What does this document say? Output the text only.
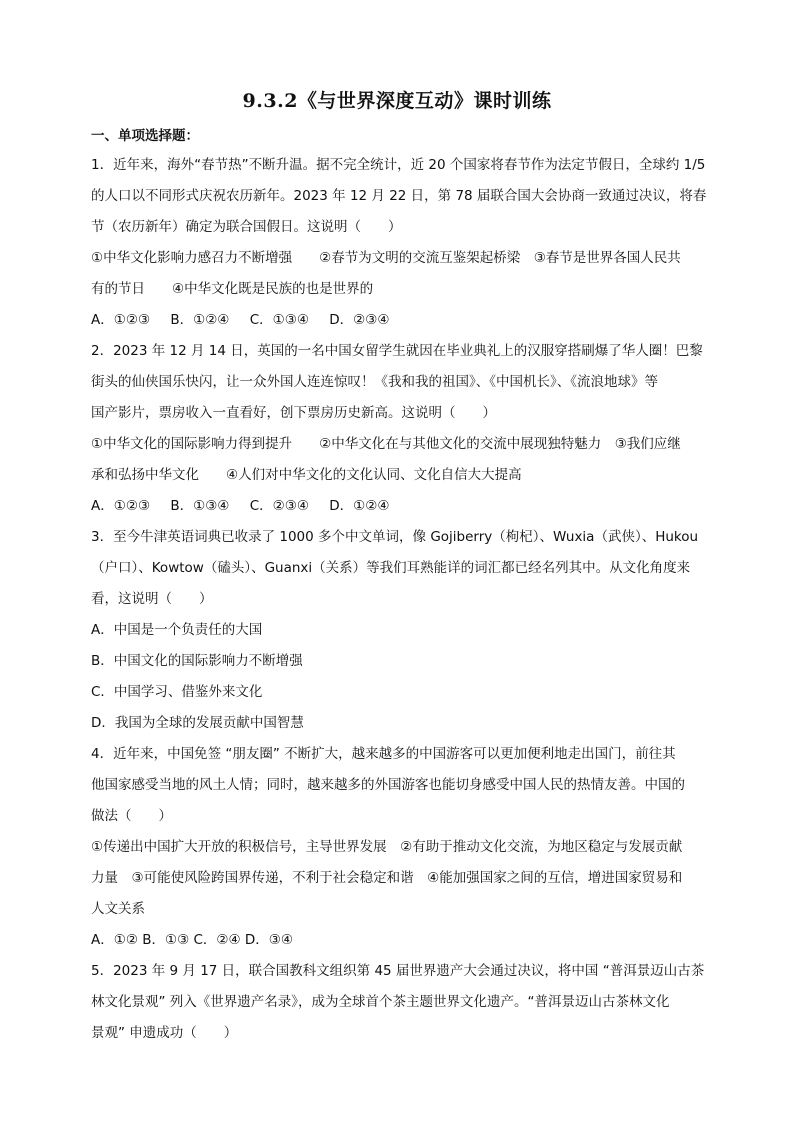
9.3.2《与世界深度互动》课时训练
一、单项选择题：
1．近年来，海外“春节热”不断升温。据不完全统计，近 20 个国家将春节作为法定节假日，全球约 1/5
的人口以不同形式庆祝农历新年。2023 年 12 月 22 日，第 78 届联合国大会协商一致通过决议，将春
节（农历新年）确定为联合国假日。这说明（　　）
①中华文化影响力感召力不断增强　　②春节为文明的交流互鉴架起桥梁　③春节是世界各国人民共
有的节日　　④中华文化既是民族的也是世界的
A．①②③ B．①②④ C．①③④ D．②③④
2．2023 年 12 月 14 日，英国的一名中国女留学生就因在毕业典礼上的汉服穿搭刷爆了华人圈！巴黎
街头的仙侠国乐快闪，让一众外国人连连惊叹！《我和我的祖国》、《中国机长》、《流浪地球》等
国产影片，票房收入一直看好，创下票房历史新高。这说明（　　）
①中华文化的国际影响力得到提升　　②中华文化在与其他文化的交流中展现独特魅力　③我们应继
承和弘扬中华文化　　④人们对中华文化的文化认同、文化自信大大提高
A．①②③ B．①③④ C．②③④ D．①②④
3．至今牛津英语词典已收录了 1000 多个中文单词，像 Gojiberry（枸杞）、Wuxia（武侠）、Hukou
（户口）、Kowtow（磕头）、Guanxi（关系）等我们耳熟能详的词汇都已经名列其中。从文化角度来
看，这说明（　　）
A．中国是一个负责任的大国
B．中国文化的国际影响力不断增强
C．中国学习、借鉴外来文化
D．我国为全球的发展贡献中国智慧
4．近年来，中国免签 “朋友圈” 不断扩大，越来越多的中国游客可以更加便利地走出国门，前往其
他国家感受当地的风土人情；同时，越来越多的外国游客也能切身感受中国人民的热情友善。中国的
做法（　　）
①传递出中国扩大开放的积极信号，主导世界发展　②有助于推动文化交流，为地区稳定与发展贡献
力量　③可能使风险跨国界传递，不利于社会稳定和谐　④能加强国家之间的互信，增进国家贸易和
人文关系
A．①② B．①③ C．②④ D．③④
5．2023 年 9 月 17 日，联合国教科文组织第 45 届世界遗产大会通过决议，将中国 “普洱景迈山古茶
林文化景观” 列入《世界遗产名录》，成为全球首个茶主题世界文化遗产。“普洱景迈山古茶林文化
景观” 申遗成功（　　）
